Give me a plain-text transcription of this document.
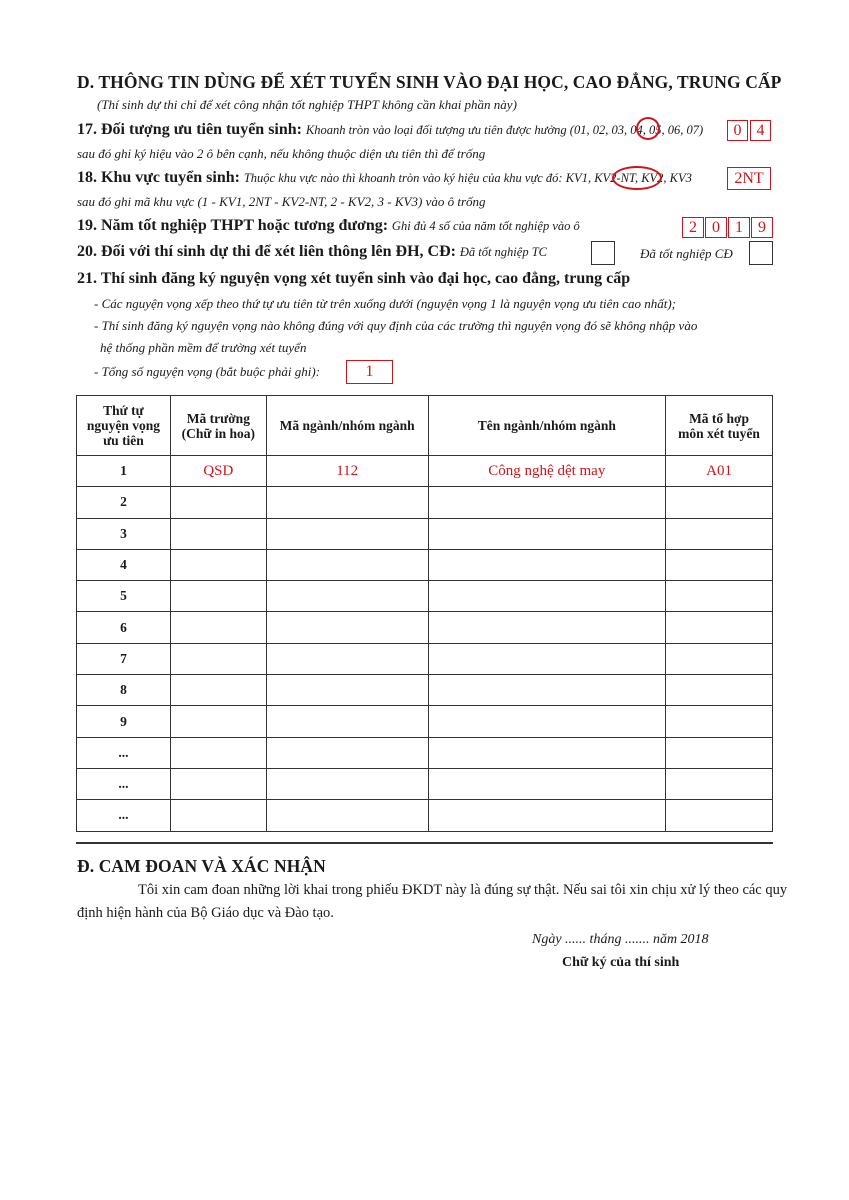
D. THÔNG TIN DÙNG ĐỂ XÉT TUYỂN SINH VÀO ĐẠI HỌC, CAO ĐẲNG, TRUNG CẤP
(Thí sinh dự thi chỉ để xét công nhận tốt nghiệp THPT không cần khai phần này)
17. Đối tượng ưu tiên tuyển sinh: Khoanh tròn vào loại đối tượng ưu tiên được hưởng (01, 02, 03, 04, 05, 06, 07)	0 4
sau đó ghi ký hiệu vào 2 ô bên cạnh, nếu không thuộc diện ưu tiên thì để trống
18. Khu vực tuyển sinh: Thuộc khu vực nào thì khoanh tròn vào ký hiệu của khu vực đó: KV1, KV2-NT, KV2, KV3	2NT
sau đó ghi mã khu vực (1 - KV1, 2NT - KV2-NT, 2 - KV2, 3 - KV3) vào ô trống
19. Năm tốt nghiệp THPT hoặc tương đương: Ghi đủ 4 số của năm tốt nghiệp vào ô	2 0 1 9
20. Đối với thí sinh dự thi để xét liên thông lên ĐH, CĐ: Đã tốt nghiệp TC	Đã tốt nghiệp CĐ
21. Thí sinh đăng ký nguyện vọng xét tuyển sinh vào đại học, cao đẳng, trung cấp
- Các nguyện vọng xếp theo thứ tự ưu tiên từ trên xuống dưới (nguyện vọng 1 là nguyện vọng ưu tiên cao nhất);
- Thí sinh đăng ký nguyện vọng nào không đúng với quy định của các trường thì nguyện vọng đó sẽ không nhập vào
hệ thống phần mềm để trường xét tuyển
- Tổng số nguyện vọng (bắt buộc phải ghi):	1
Thứ tự nguyện vọng ưu tiên	Mã trường (Chữ in hoa)	Mã ngành/nhóm ngành	Tên ngành/nhóm ngành	Mã tổ hợp môn xét tuyển
1	QSD	112	Công nghệ dệt may	A01
2				
3				
4				
5				
6				
7				
8				
9				
...				
...				
...				
Đ. CAM ĐOAN VÀ XÁC NHẬN
Tôi xin cam đoan những lời khai trong phiếu ĐKDT này là đúng sự thật. Nếu sai tôi xin chịu xử lý theo các quy
định hiện hành của Bộ Giáo dục và Đào tạo.
Ngày ...... tháng ....... năm 2018
Chữ ký của thí sinh
